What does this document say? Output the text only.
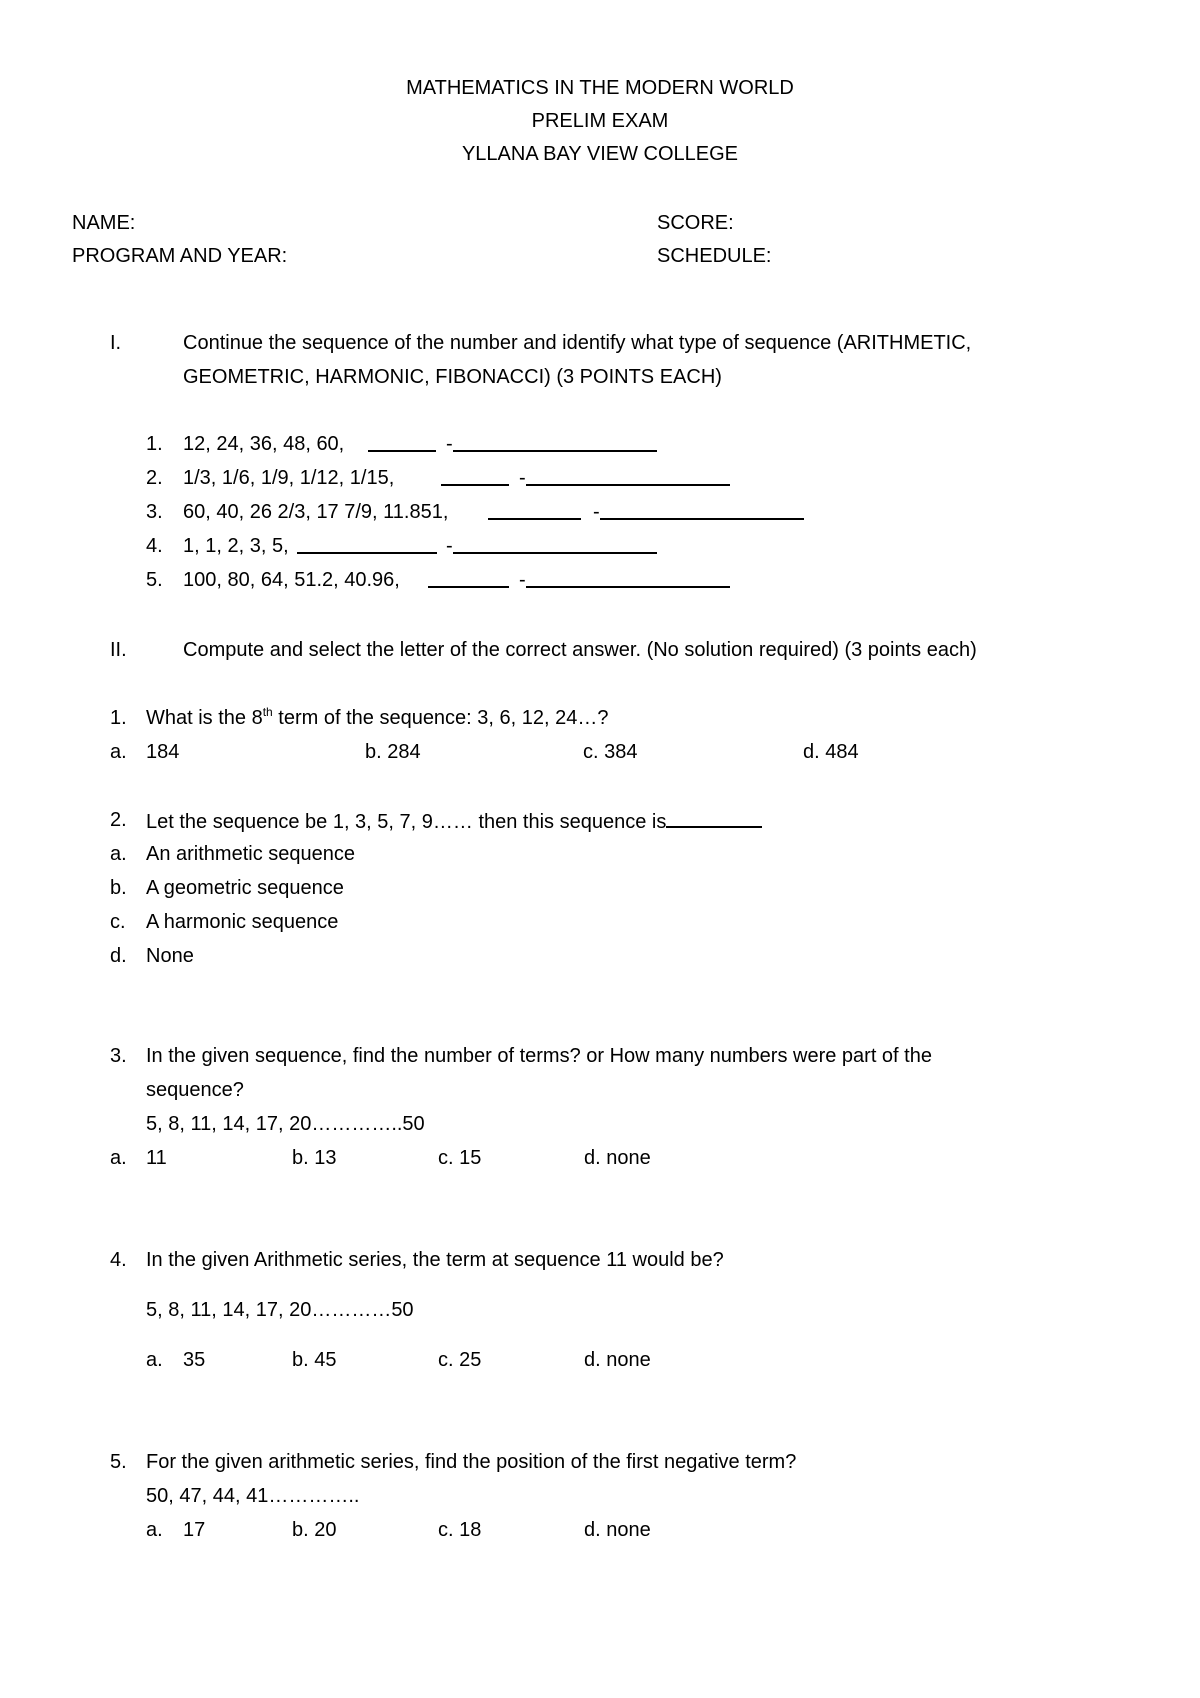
MATHEMATICS IN THE MODERN WORLD
PRELIM EXAM
YLLANA BAY VIEW COLLEGE
NAME:	SCORE:
PROGRAM AND YEAR:	SCHEDULE:
I.	Continue the sequence of the number and identify what type of sequence (ARITHMETIC,
GEOMETRIC, HARMONIC, FIBONACCI) (3 POINTS EACH)
1. 12, 24, 36, 48, 60,	-
2. 1/3, 1/6, 1/9, 1/12, 1/15,	-
3. 60, 40, 26 2/3, 17 7/9, 11.851,	-
4. 1, 1, 2, 3, 5,	-
5. 100, 80, 64, 51.2, 40.96,	-
II.	Compute and select the letter of the correct answer. (No solution required) (3 points each)
1. What is the 8th term of the sequence: 3, 6, 12, 24…?
a. 184	b. 284	c. 384	d. 484
2. Let the sequence be 1, 3, 5, 7, 9…… then this sequence is
a. An arithmetic sequence
b. A geometric sequence
c. A harmonic sequence
d. None
3. In the given sequence, find the number of terms? or How many numbers were part of the
sequence?
5, 8, 11, 14, 17, 20…………..50
a. 11	b. 13	c. 15	d. none
4. In the given Arithmetic series, the term at sequence 11 would be?
5, 8, 11, 14, 17, 20…………50
a. 35	b. 45	c. 25	d. none
5. For the given arithmetic series, find the position of the first negative term?
50, 47, 44, 41…………..
a. 17	b. 20	c. 18	d. none
